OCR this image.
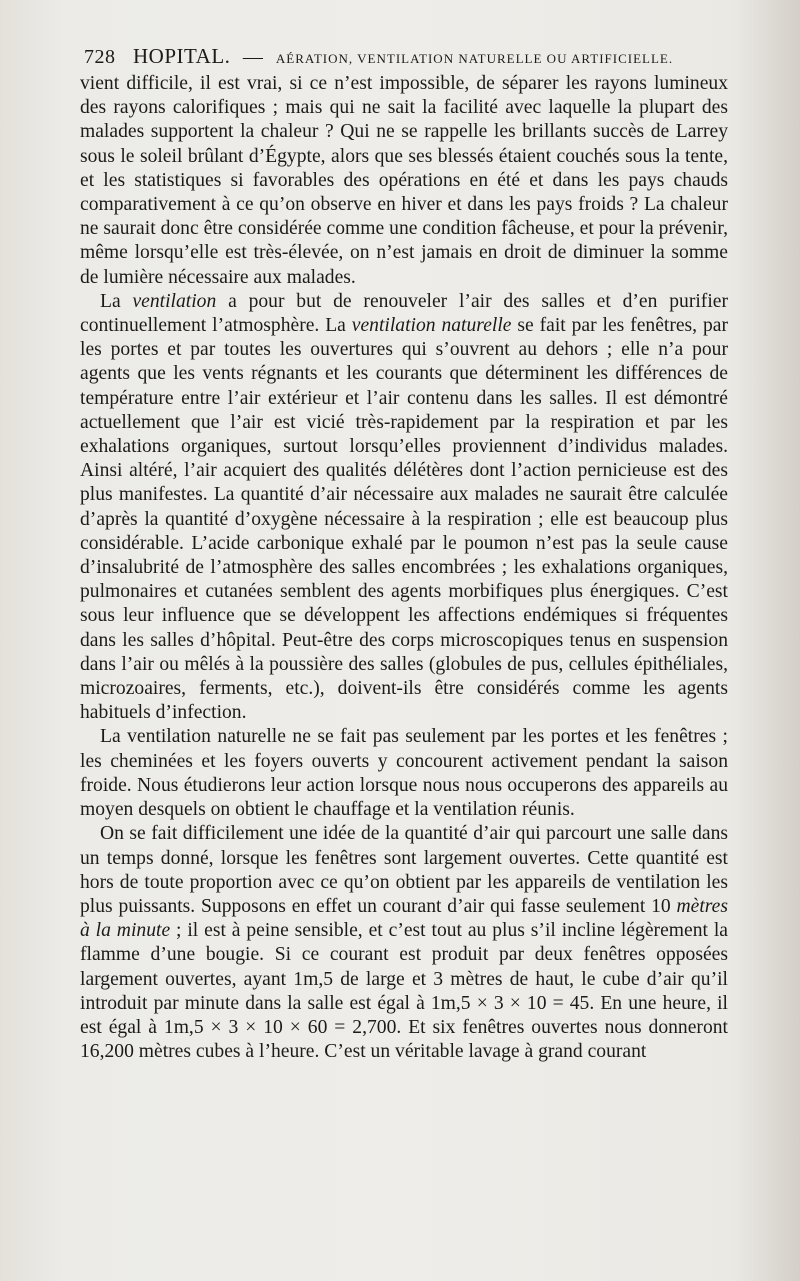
728 HOPITAL. — AÉRATION, VENTILATION NATURELLE OU ARTIFICIELLE.

vient difficile, il est vrai, si ce n’est impossible, de séparer les rayons lumineux des rayons calorifiques ; mais qui ne sait la facilité avec laquelle la plupart des malades supportent la chaleur ? Qui ne se rappelle les brillants succès de Larrey sous le soleil brûlant d’Égypte, alors que ses blessés étaient couchés sous la tente, et les statistiques si favorables des opérations en été et dans les pays chauds comparativement à ce qu’on observe en hiver et dans les pays froids ? La chaleur ne saurait donc être considérée comme une condition fâcheuse, et pour la prévenir, même lorsqu’elle est très-élevée, on n’est jamais en droit de diminuer la somme de lumière nécessaire aux malades.

La ventilation a pour but de renouveler l’air des salles et d’en purifier continuellement l’atmosphère. La ventilation naturelle se fait par les fenêtres, par les portes et par toutes les ouvertures qui s’ouvrent au dehors ; elle n’a pour agents que les vents régnants et les courants que déterminent les différences de température entre l’air extérieur et l’air contenu dans les salles. Il est démontré actuellement que l’air est vicié très-rapidement par la respiration et par les exhalations organiques, surtout lorsqu’elles proviennent d’individus malades. Ainsi altéré, l’air acquiert des qualités délétères dont l’action pernicieuse est des plus manifestes. La quantité d’air nécessaire aux malades ne saurait être calculée d’après la quantité d’oxygène nécessaire à la respiration ; elle est beaucoup plus considérable. L’acide carbonique exhalé par le poumon n’est pas la seule cause d’insalubrité de l’atmosphère des salles encombrées ; les exhalations organiques, pulmonaires et cutanées semblent des agents morbifiques plus énergiques. C’est sous leur influence que se développent les affections endémiques si fréquentes dans les salles d’hôpital. Peut-être des corps microscopiques tenus en suspension dans l’air ou mêlés à la poussière des salles (globules de pus, cellules épithéliales, microzoaires, ferments, etc.), doivent-ils être considérés comme les agents habituels d’infection.

La ventilation naturelle ne se fait pas seulement par les portes et les fenêtres ; les cheminées et les foyers ouverts y concourent activement pendant la saison froide. Nous étudierons leur action lorsque nous nous occuperons des appareils au moyen desquels on obtient le chauffage et la ventilation réunis.

On se fait difficilement une idée de la quantité d’air qui parcourt une salle dans un temps donné, lorsque les fenêtres sont largement ouvertes. Cette quantité est hors de toute proportion avec ce qu’on obtient par les appareils de ventilation les plus puissants. Supposons en effet un courant d’air qui fasse seulement 10 mètres à la minute ; il est à peine sensible, et c’est tout au plus s’il incline légèrement la flamme d’une bougie. Si ce courant est produit par deux fenêtres opposées largement ouvertes, ayant 1m,5 de large et 3 mètres de haut, le cube d’air qu’il introduit par minute dans la salle est égal à 1m,5 × 3 × 10 = 45. En une heure, il est égal à 1m,5 × 3 × 10 × 60 = 2,700. Et six fenêtres ouvertes nous donneront 16,200 mètres cubes à l’heure. C’est un véritable lavage à grand courant
